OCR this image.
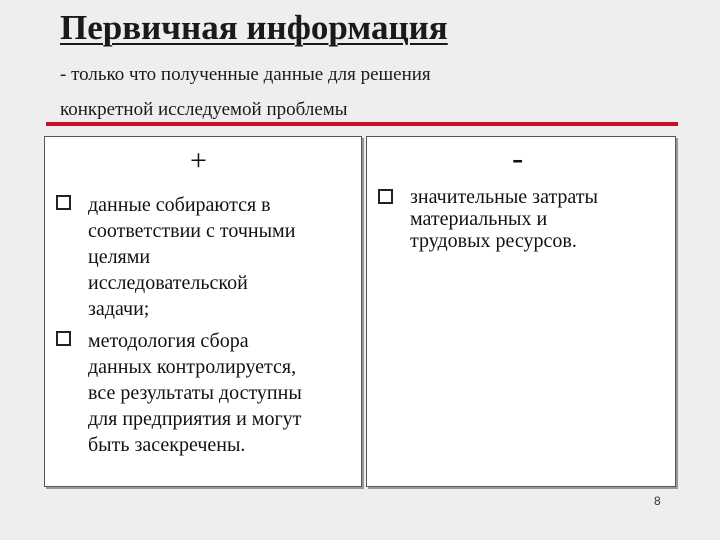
Первичная информация
- только что полученные данные для решения
конкретной исследуемой проблемы
+	-
данные собираются в
соответствии с точными
целями
исследовательской
задачи;
методология сбора
данных контролируется,
все результаты доступны
для предприятия и могут
быть засекречены.
значительные затраты
материальных и
трудовых ресурсов.
8
